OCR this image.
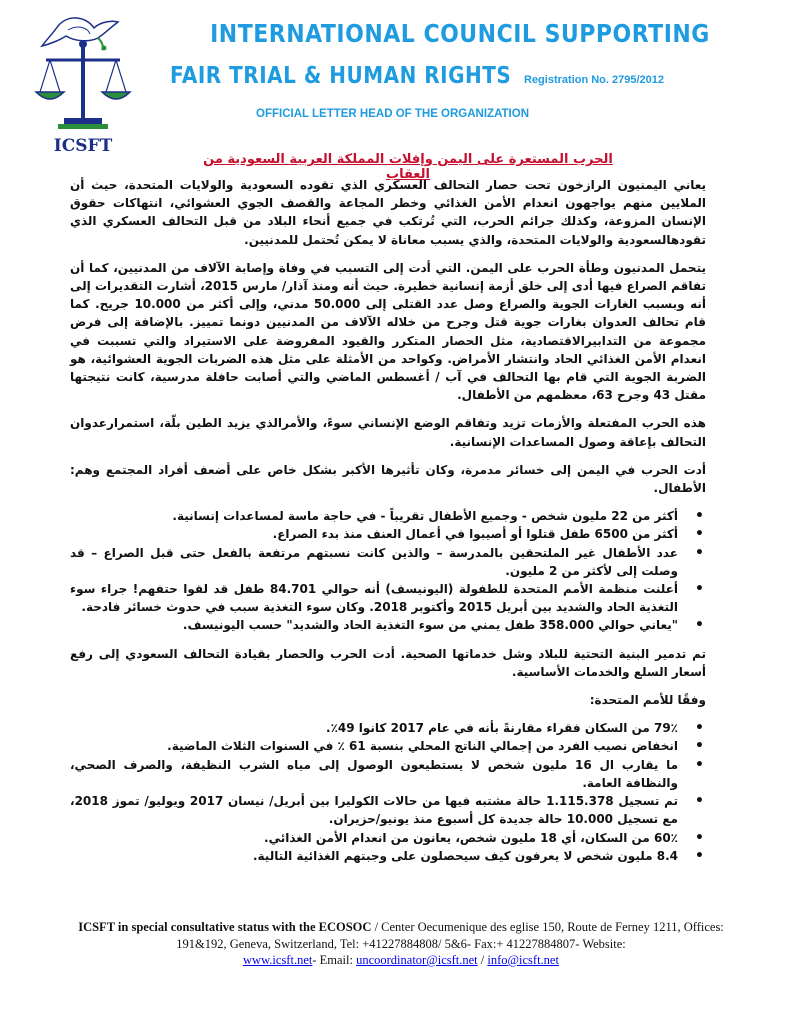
ICSFT
INTERNATIONAL COUNCIL SUPPORTING
FAIR TRIAL & HUMAN RIGHTS Registration No. 2795/2012
OFFICIAL LETTER HEAD OF THE ORGANIZATION
الحرب المستعرة على اليمن وإفلات المملكة العربية السعودية من العقاب

يعاني اليمنيون الرازخون تحت حصار التحالف العسكري الذي تقوده السعودية والولايات المتحدة، حيث أن الملايين منهم يواجهون انعدام الأمن الغذائي وخطر المجاعة والقصف الجوي العشوائي، انتهاكات حقوق الإنسان المزوعة، وكذلك جرائم الحرب، التي تُرتكب في جميع أنحاء البلاد من قبل التحالف العسكري الذي تقودهالسعودية والولايات المتحدة، والذي يسبب معاناة لا يمكن تُحتمل للمدنيين.

يتحمل المدنيون وطأة الحرب على اليمن. التي أدت إلى التسبب في وفاة وإصابة الآلاف من المدنيين، كما أن تفاقم الصراع فيها أدى إلى خلق أزمة إنسانية خطيرة. حيث أنه ومنذ آذار/ مارس 2015، أشارت التقديرات إلى أنه وبسبب الغارات الجوية والصراع وصل عدد القتلى إلى 50.000 مدني، وإلى أكثر من 10.000 جريح. كما قام تحالف العدوان بغارات جوية قتل وجرح من خلاله الآلاف من المدنيين دونما تمييز. بالإضافة إلى فرض مجموعة من التدابيرالاقتصادية، مثل الحصار المتكرر والقيود المفروضة على الاستيراد والتي تسببت في انعدام الأمن الغذائي الحاد وانتشار الأمراض. وكواحد من الأمثلة على مثل هذه الضربات الجوية العشوائية، هو الضربة الجوية التي قام بها التحالف في آب / أغسطس الماضي والتي أصابت حافلة مدرسية، كانت نتيجتها مقتل 43 وجرح 63، معظمهم من الأطفال.

هذه الحرب المفتعلة والأزمات تزيد وتفاقم الوضع الإنساني سوءً، والأمرالذي يزيد الطين بلّة، استمرارعدوان التحالف بإعاقة وصول المساعدات الإنسانية.

أدت الحرب في اليمن إلى خسائر مدمرة، وكان تأثيرها الأكبر بشكل خاص على أضعف أفراد المجتمع وهم: الأطفال.

• أكثر من 22 مليون شخص - وجميع الأطفال تقريباً - في حاجة ماسة لمساعدات إنسانية.
• أكثر من 6500 طفل قتلوا أو أصيبوا في أعمال العنف منذ بدء الصراع.
• عدد الأطفال غير الملتحقين بالمدرسة – والذين كانت نسبتهم مرتفعة بالفعل حتى قبل الصراع – قد وصلت إلى لأكثر من 2 مليون.
• أعلنت منظمة الأمم المتحدة للطفولة (اليونيسف) أنه حوالي 84.701 طفل قد لقوا حتفهم! جراء سوء التغذية الحاد والشديد بين أبريل 2015 وأكتوبر 2018. وكان سوء التغذية سبب في حدوث خسائر فادحة.
• "يعاني حوالي 358.000 طفل يمني من سوء التغذية الحاد والشديد" حسب اليونيسف.

تم تدمير البنية التحتية للبلاد وشل خدماتها الصحية. أدت الحرب والحصار بقيادة التحالف السعودي إلى رفع أسعار السلع والخدمات الأساسية.

وفقًا للأمم المتحدة:

• 79٪ من السكان فقراء مقارنةً بأنه في عام 2017 كانوا 49٪.
• انخفاض نصيب الفرد من إجمالي الناتج المحلي بنسبة 61 ٪ في السنوات الثلاث الماضية.
• ما يقارب ال 16 مليون شخص لا يستطيعون الوصول إلى مياه الشرب النظيفة، والصرف الصحي، والنظافة العامة.
• تم تسجيل 1.115.378 حالة مشتبه فيها من حالات الكوليرا بين أبريل/ نيسان 2017 ويوليو/ تموز 2018، مع تسجيل 10.000 حالة جديدة كل أسبوع منذ يونيو/حزيران.
• 60٪ من السكان، أي 18 مليون شخص، يعانون من انعدام الأمن الغذائي.
• 8.4 مليون شخص لا يعرفون كيف سيحصلون على وجبتهم الغذائية التالية.
ICSFT in special consultative status with the ECOSOC / Center Oecumenique des eglise 150, Route de Ferney 1211, Offices: 191&192, Geneva, Switzerland, Tel: +41227884808/ 5&6- Fax:+ 41227884807- Website:
www.icsft.net- Email: uncoordinator@icsft.net / info@icsft.net
